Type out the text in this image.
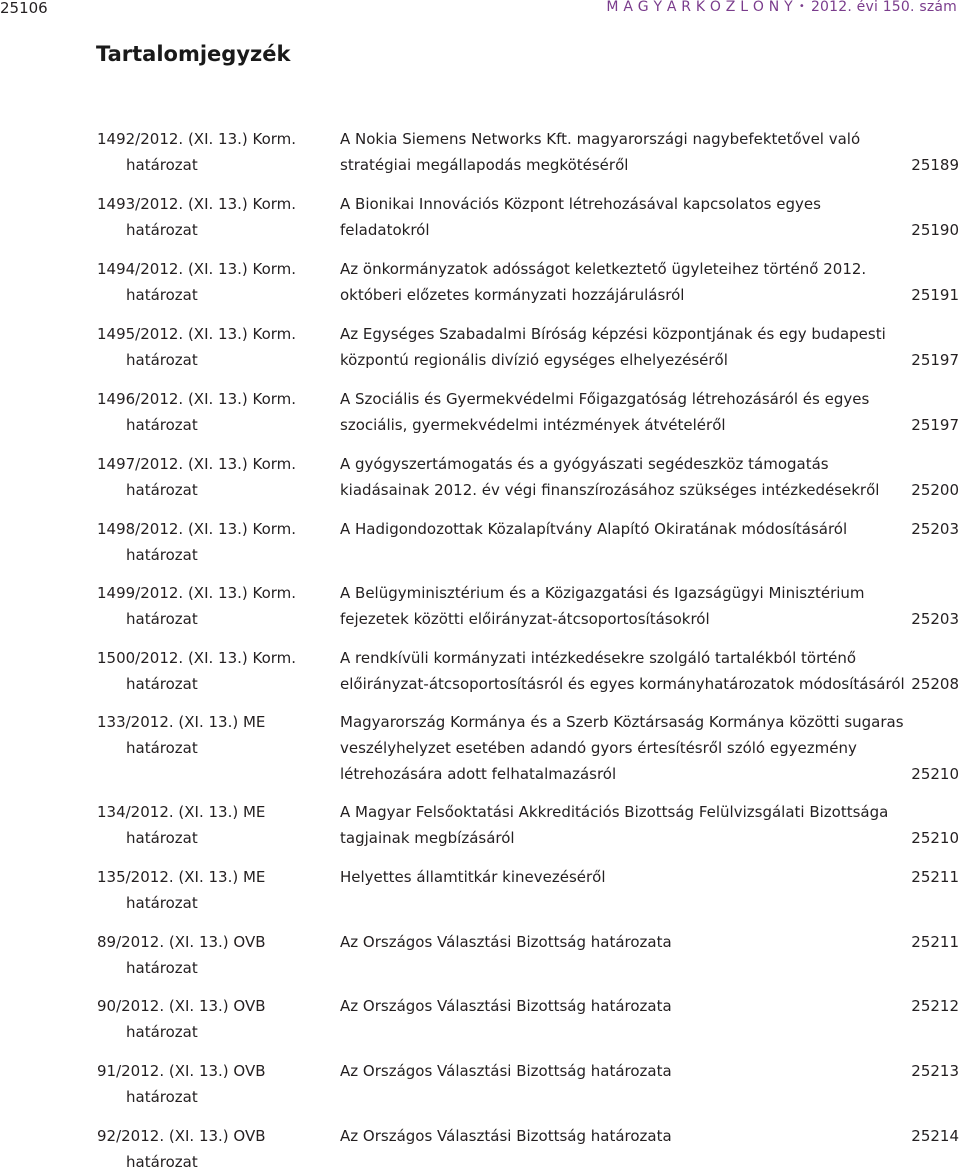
25106	M A G Y A R K Ö Z L Ö N Y • 2012. évi 150. szám
Tartalomjegyzék
1492/2012. (XI. 13.) Korm.
határozat
A Nokia Siemens Networks Kft. magyarországi nagybefektetővel való stratégiai megállapodás megkötéséről	25189
1493/2012. (XI. 13.) Korm.
határozat
A Bionikai Innovációs Központ létrehozásával kapcsolatos egyes feladatokról	25190
1494/2012. (XI. 13.) Korm.
határozat
Az önkormányzatok adósságot keletkeztető ügyleteihez történő 2012. októberi előzetes kormányzati hozzájárulásról	25191
1495/2012. (XI. 13.) Korm.
határozat
Az Egységes Szabadalmi Bíróság képzési központjának és egy budapesti központú regionális divízió egységes elhelyezéséről	25197
1496/2012. (XI. 13.) Korm.
határozat
A Szociális és Gyermekvédelmi Főigazgatóság létrehozásáról és egyes szociális, gyermekvédelmi intézmények átvételéről	25197
1497/2012. (XI. 13.) Korm.
határozat
A gyógyszertámogatás és a gyógyászati segédeszköz támogatás kiadásainak 2012. év végi finanszírozásához szükséges intézkedésekről	25200
1498/2012. (XI. 13.) Korm.
határozat
A Hadigondozottak Közalapítvány Alapító Okiratának módosításáról	25203
1499/2012. (XI. 13.) Korm.
határozat
A Belügyminisztérium és a Közigazgatási és Igazságügyi Minisztérium fejezetek közötti előirányzat-átcsoportosításokról	25203
1500/2012. (XI. 13.) Korm.
határozat
A rendkívüli kormányzati intézkedésekre szolgáló tartalékból történő előirányzat-átcsoportosításról és egyes kormányhatározatok módosításáról 25208
133/2012. (XI. 13.) ME
határozat
Magyarország Kormánya és a Szerb Köztársaság Kormánya közötti sugaras veszélyhelyzet esetében adandó gyors értesítésről szóló egyezmény létrehozására adott felhatalmazásról	25210
134/2012. (XI. 13.) ME
határozat
A Magyar Felsőoktatási Akkreditációs Bizottság Felülvizsgálati Bizottsága tagjainak megbízásáról	25210
135/2012. (XI. 13.) ME
határozat
Helyettes államtitkár kinevezéséről	25211
89/2012. (XI. 13.) OVB
határozat
Az Országos Választási Bizottság határozata	25211
90/2012. (XI. 13.) OVB
határozat
Az Országos Választási Bizottság határozata	25212
91/2012. (XI. 13.) OVB
határozat
Az Országos Választási Bizottság határozata	25213
92/2012. (XI. 13.) OVB
határozat
Az Országos Választási Bizottság határozata	25214
